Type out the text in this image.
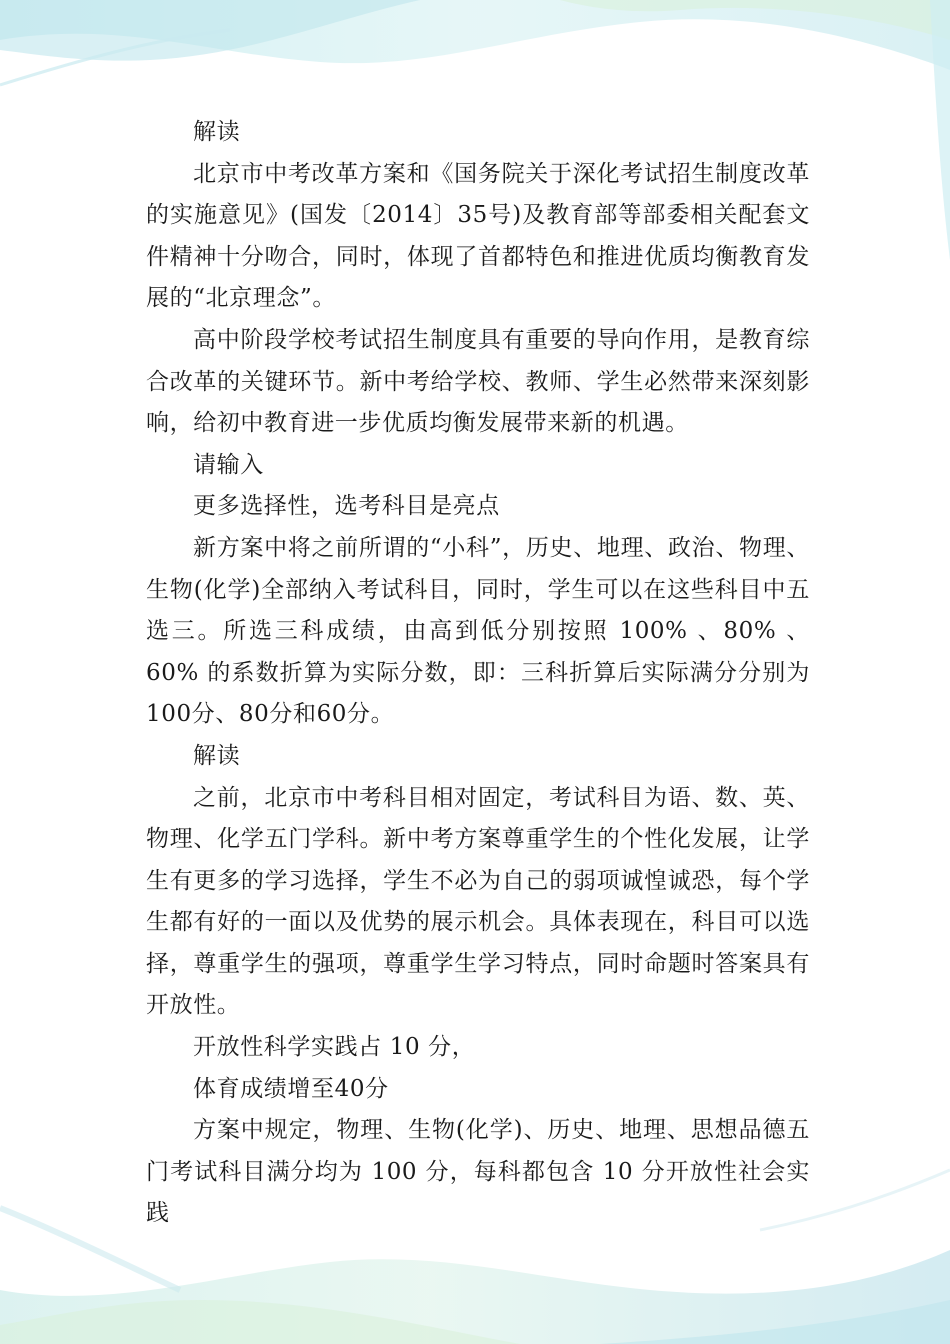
解读

北京市中考改革方案和《国务院关于深化考试招生制度改革的实施意见》(国发〔2014〕35号)及教育部等部委相关配套文件精神十分吻合，同时，体现了首都特色和推进优质均衡教育发展的“北京理念”。

高中阶段学校考试招生制度具有重要的导向作用，是教育综合改革的关键环节。新中考给学校、教师、学生必然带来深刻影响，给初中教育进一步优质均衡发展带来新的机遇。

请输入

更多选择性，选考科目是亮点

新方案中将之前所谓的“小科”，历史、地理、政治、物理、生物(化学)全部纳入考试科目，同时，学生可以在这些科目中五选三。所选三科成绩，由高到低分别按照 100% 、80% 、60% 的系数折算为实际分数，即：三科折算后实际满分分别为100分、80分和60分。

解读

之前，北京市中考科目相对固定，考试科目为语、数、英、物理、化学五门学科。新中考方案尊重学生的个性化发展，让学生有更多的学习选择，学生不必为自己的弱项诚惶诚恐，每个学生都有好的一面以及优势的展示机会。具体表现在，科目可以选择，尊重学生的强项，尊重学生学习特点，同时命题时答案具有开放性。

开放性科学实践占 10 分，

体育成绩增至40分

方案中规定，物理、生物(化学)、历史、地理、思想品德五门考试科目满分均为 100 分，每科都包含 10 分开放性社会实践
